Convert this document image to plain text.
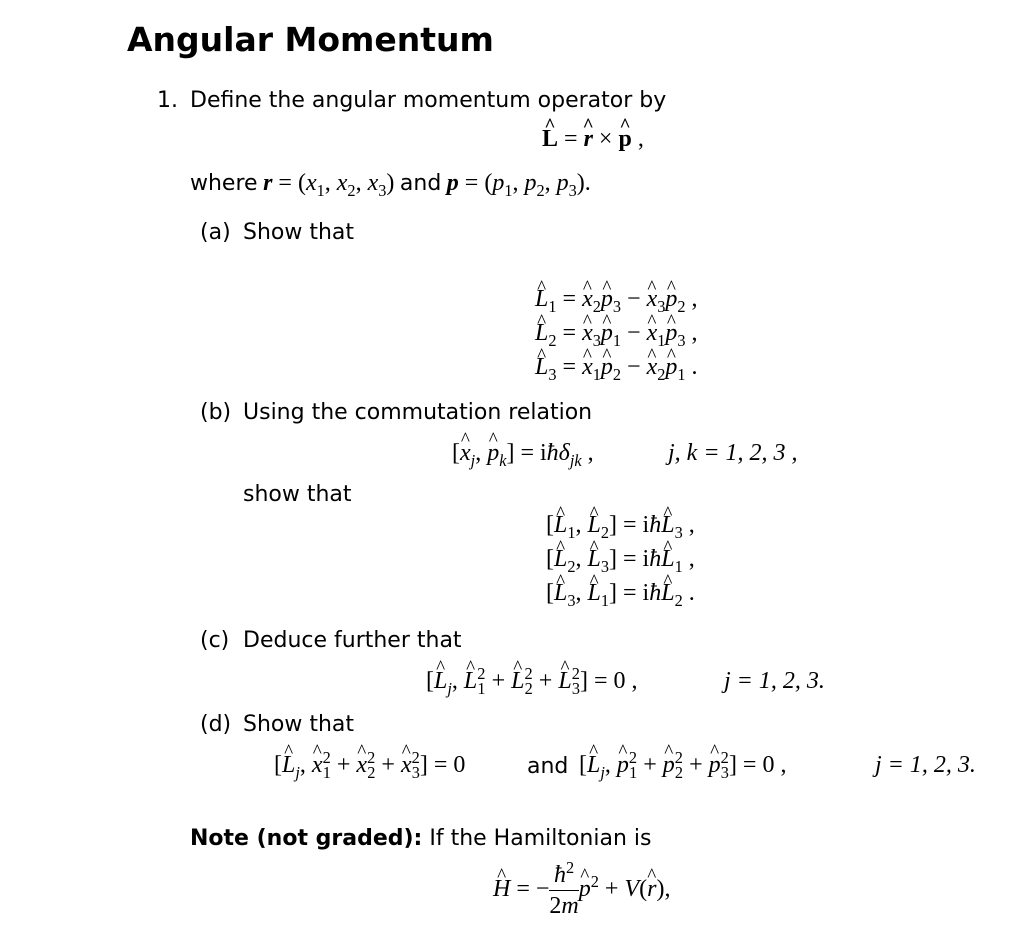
Angular Momentum
1. Define the angular momentum operator by
^ L = ^ r × ^ p ,
where $r = (x_1$, $x_2$, $x_3$) and $p = (p_1$, $p_2$, $p_3$).
(a) Show that
^ $L_1$ = ^ $x_2\^{}$ $p_3$ − ^ $x_3\^{}$ $p_2$ ,
^ $L_2$ = ^ $x_3\^{}$ $p_1$ − ^ $x_1\^{}$ $p_3$ ,
^ $L_3$ = ^ $x_1\^{}$ $p_2$ − ^ $x_2\^{}$ $p_1$ .
(b) Using the commutation relation
[^ $x_j$, ^ $p_k$] = iħδ$_{jk}$ ,	j, k = 1, 2, 3 ,
show that
[^ $L_1$, ^ $L_2$] = iħ^ $L_3$ ,
[^ $L_2$, ^ $L_3$] = iħ^ $L_1$ ,
[^ $L_3$, ^ $L_1$] = iħ^ $L_2$ .
(c) Deduce further that
[^ $L_j$, ^ $L^2_1$ + ^ $L^2_2$ + ^ $L^2_3] = 0$ ,	j = 1, 2, 3.
(d) Show that
[^ $L_j$, ^ $x^2_1$ + ^ $x^2_2$ + ^ $x^2_3] = 0$	and [^ $L_j$, ^ $p^2_1$ + ^ $p^2_2$ + ^ $p^2_3] = 0$ ,	j = 1, 2, 3.
Note (not graded): If the Hamiltonian is
^ H = − $\frac{ħ^2}{2m}$
^ $p^2$ + V(^ r),
